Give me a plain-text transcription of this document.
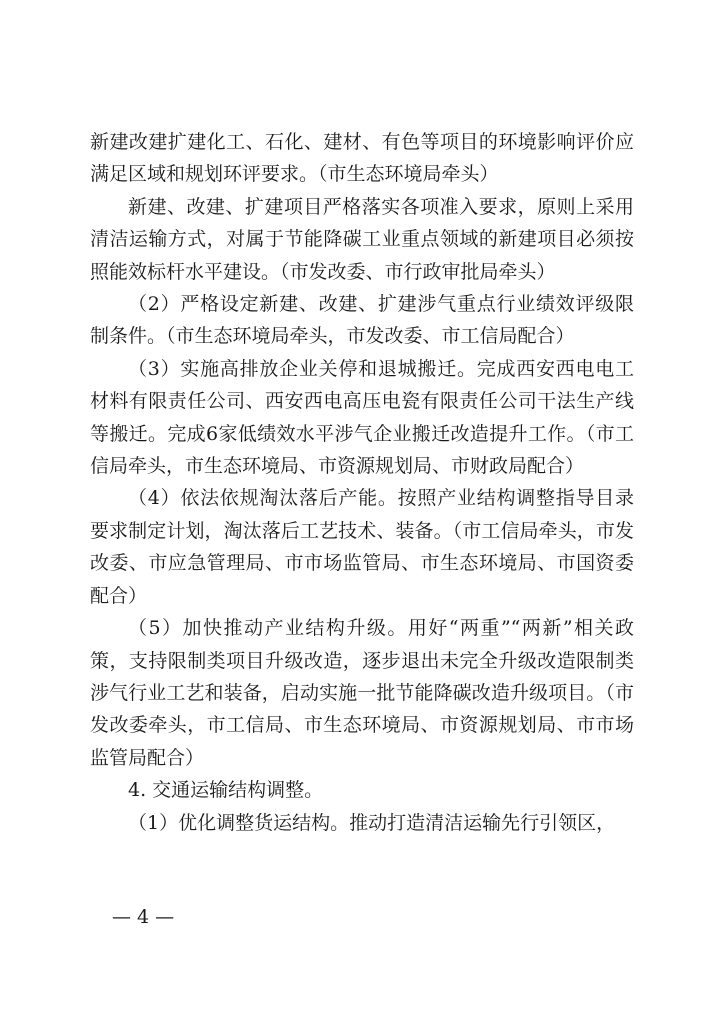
新建改建扩建化工、石化、建材、有色等项目的环境影响评价应满足区域和规划环评要求。（市生态环境局牵头）

新建、改建、扩建项目严格落实各项准入要求，原则上采用清洁运输方式，对属于节能降碳工业重点领域的新建项目必须按照能效标杆水平建设。（市发改委、市行政审批局牵头）

（2）严格设定新建、改建、扩建涉气重点行业绩效评级限制条件。（市生态环境局牵头，市发改委、市工信局配合）

（3）实施高排放企业关停和退城搬迁。完成西安西电电工材料有限责任公司、西安西电高压电瓷有限责任公司干法生产线等搬迁。完成6家低绩效水平涉气企业搬迁改造提升工作。（市工信局牵头，市生态环境局、市资源规划局、市财政局配合）

（4）依法依规淘汰落后产能。按照产业结构调整指导目录要求制定计划，淘汰落后工艺技术、装备。（市工信局牵头，市发改委、市应急管理局、市市场监管局、市生态环境局、市国资委配合）

（5）加快推动产业结构升级。用好“两重”“两新”相关政策，支持限制类项目升级改造，逐步退出未完全升级改造限制类涉气行业工艺和装备，启动实施一批节能降碳改造升级项目。（市发改委牵头，市工信局、市生态环境局、市资源规划局、市市场监管局配合）

4. 交通运输结构调整。

（1）优化调整货运结构。推动打造清洁运输先行引领区，

— 4 —
